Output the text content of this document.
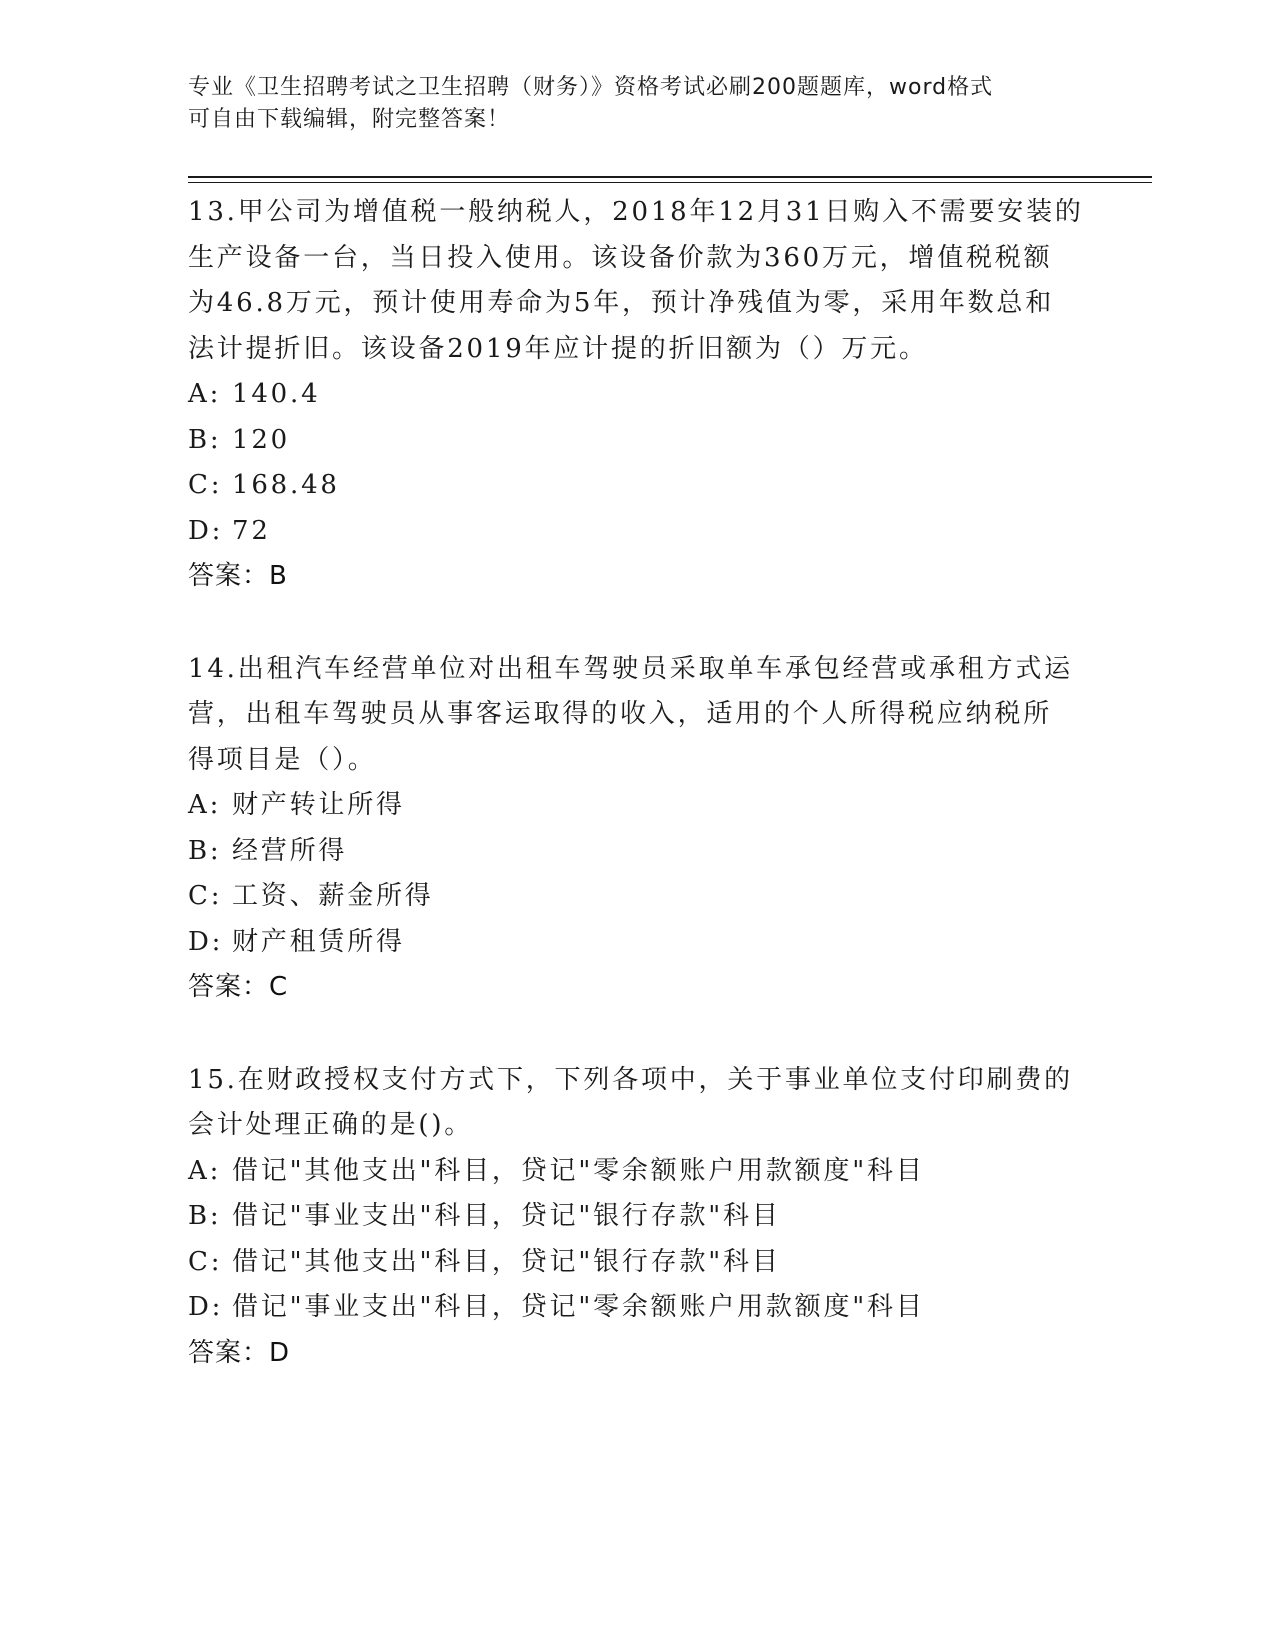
专业《卫生招聘考试之卫生招聘（财务）》资格考试必刷200题题库，word格式
可自由下载编辑，附完整答案！
13.甲公司为增值税一般纳税人，2018年12月31日购入不需要安装的
生产设备一台，当日投入使用。该设备价款为360万元，增值税税额
为46.8万元，预计使用寿命为5年，预计净残值为零，采用年数总和
法计提折旧。该设备2019年应计提的折旧额为（）万元。
A: 140.4
B: 120
C: 168.48
D: 72
答案：B
14.出租汽车经营单位对出租车驾驶员采取单车承包经营或承租方式运
营，出租车驾驶员从事客运取得的收入，适用的个人所得税应纳税所
得项目是（）。
A: 财产转让所得
B: 经营所得
C: 工资、薪金所得
D: 财产租赁所得
答案：C
15.在财政授权支付方式下，下列各项中，关于事业单位支付印刷费的
会计处理正确的是()。
A: 借记"其他支出"科目，贷记"零余额账户用款额度"科目
B: 借记"事业支出"科目，贷记"银行存款"科目
C: 借记"其他支出"科目，贷记"银行存款"科目
D: 借记"事业支出"科目，贷记"零余额账户用款额度"科目
答案：D
